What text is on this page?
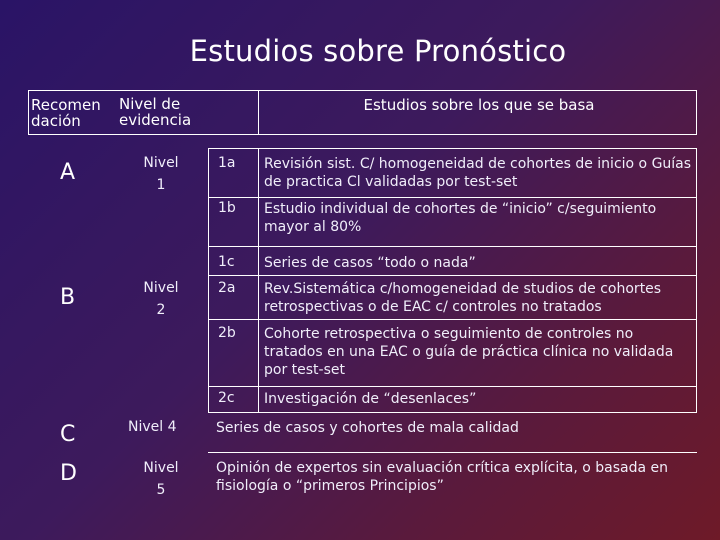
Estudios sobre Pronóstico
Recomen dación
Nivel de evidencia
Estudios sobre los que se basa
A
B
C
D
Nivel 1
Nivel 2
Nivel 4
Nivel 5
1a
1b
1c
2a
2b
2c
Revisión sist. C/ homogeneidad de cohortes de inicio o Guías de practica Cl validadas por test-set
Estudio individual de cohortes de “inicio” c/seguimiento mayor al 80%
Series de casos “todo o nada”
Rev.Sistemática c/homogeneidad de studios de cohortes retrospectivas o de EAC c/ controles no tratados
Cohorte retrospectiva o seguimiento de controles no tratados en una EAC o guía de práctica clínica no validada por test-set
Investigación de “desenlaces”
Series de casos y cohortes de mala calidad
Opinión de expertos sin evaluación crítica explícita, o basada en fisiología o “primeros Principios”
